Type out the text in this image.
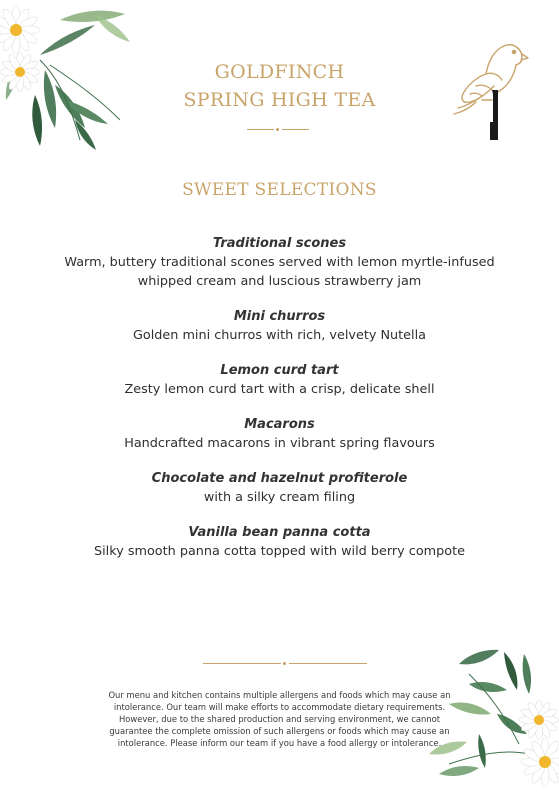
GOLDFINCH
SPRING HIGH TEA
SWEET SELECTIONS
Traditional scones
Warm, buttery traditional scones served with lemon myrtle-infused whipped cream and luscious strawberry jam
Mini churros
Golden mini churros with rich, velvety Nutella
Lemon curd tart
Zesty lemon curd tart with a crisp, delicate shell
Macarons
Handcrafted macarons in vibrant spring flavours
Chocolate and hazelnut profiterole
with a silky cream filing
Vanilla bean panna cotta
Silky smooth panna cotta topped with wild berry compote
Our menu and kitchen contains multiple allergens and foods which may cause an intolerance. Our team will make efforts to accommodate dietary requirements. However, due to the shared production and serving environment, we cannot guarantee the complete omission of such allergens or foods which may cause an intolerance. Please inform our team if you have a food allergy or intolerance.
